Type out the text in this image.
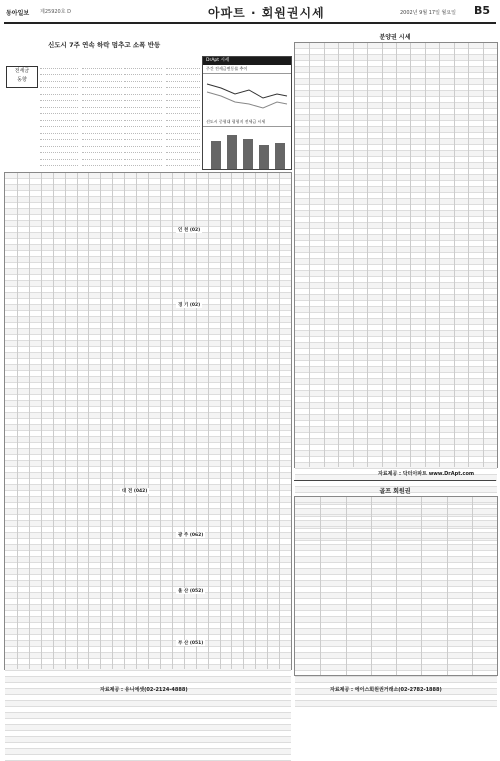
동아일보 제25920호 D	아파트 · 회원권시세	2002년 9월 17일 월요일 B5
신도시 7주 연속 하락 멈추고 소폭 반등
전세금
동향
DrApt 시세
주간 전세금변동률 추이
선도시 중형대 평형지 전세금 시세
인 천 (02)
경 기 (02)
대 전 (042)
광 주 (062)
울 산 (052)
부 산 (051)
자료제공 : 유니에셋(02-2124-4888)
분양권 시세
자료제공 : 닥터아파트 www.DrApt.com
골프 회원권
자료제공 : 에이스회원권거래소(02-2782-1888)
